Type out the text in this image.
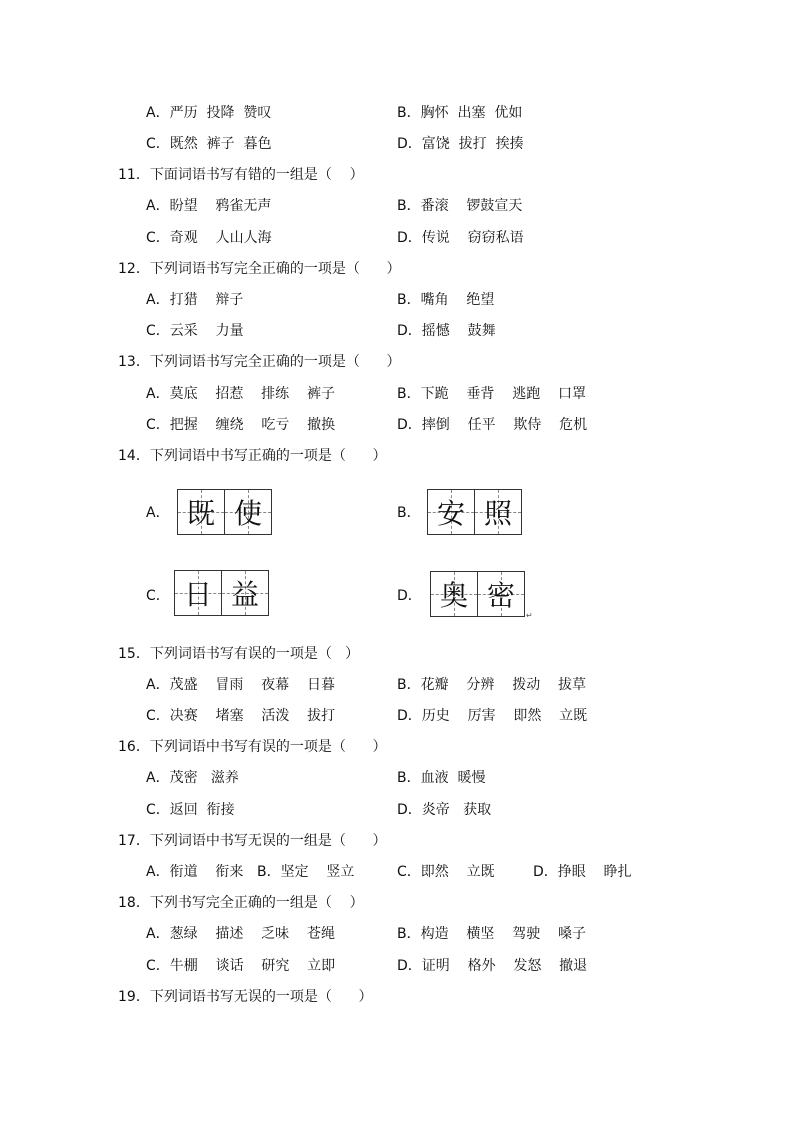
A．严历  投降  赞叹	B．胸怀  出塞  优如
C．既然  裤子  暮色	D．富饶  拔打  挨揍
11．下面词语书写有错的一组是（    ）
A．盼望    鸦雀无声	B．番滚    锣鼓宣天
C．奇观    人山人海	D．传说    窃窃私语
12．下列词语书写完全正确的一项是（      ）
A．打猎    辩子	B．嘴角    绝望
C．云采    力量	D．摇憾    鼓舞
13．下列词语书写完全正确的一项是（      ）
A．莫底    招惹    排练    裤子	B．下跪    垂背    逃跑    口罩
C．把握    缠绕    吃亏    撤换	D．摔倒    任平    欺侍    危机
14．下列词语中书写正确的一项是（      ）
A． 既 使	B． 安 照
C． 日 益	D． 奥 密
↵
15．下列词语书写有误的一项是（   ）
A．茂盛    冒雨    夜幕    日暮	B．花瓣    分辨    拨动    拔草
C．决赛    堵塞    活泼    拔打	D．历史    厉害    即然    立既
16．下列词语中书写有误的一项是（      ）
A．茂密   滋养	B．血液  暖慢
C．返回  衔接	D．炎帝   获取
17．下列词语中书写无误的一组是（      ）
A．衔道    衔来 B．坚定    竖立	C．即然    立既	D．挣眼    睁扎
18．下列书写完全正确的一组是（    ）
A．葱绿    描述    乏味    苍绳	B．构造    横坚    驾驶    嗓子
C．牛棚    谈话    研究    立即	D．证明    格外    发怒    撤退
19．下列词语书写无误的一项是（      ）
